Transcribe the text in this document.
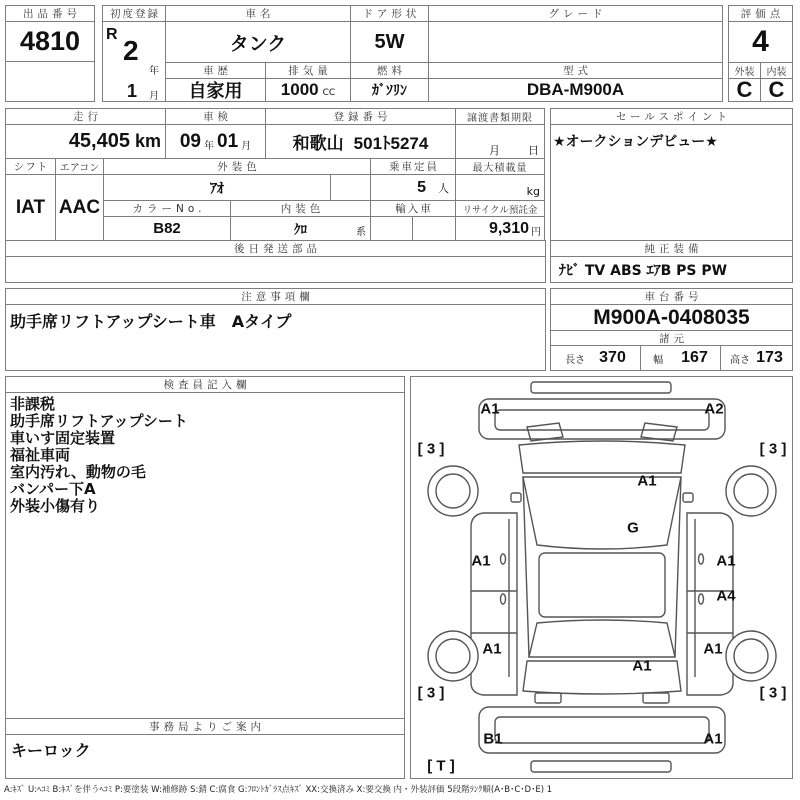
出品番号
4810
初度登録
R
2
年
1 月
車名
タンク
ドア形状
5W
グレード
車歴	排気量	燃料	型式
自家用	1000 CC	ｶﾞｿﾘﾝ	DBA-M900A
評価点
4
外装	内装
C C
走行	車検	登録番号	譲渡書類期限
45,405 km 09 年 01 月 和歌山 501ﾄ5274	月	日
シフト	エアコン	外装色	乗車定員	最大積載量
IAT AAC
ｱｵ	5 人	kg
カラーNo.	内装色	輸入車	リサイクル預託金
B82	ｸﾛ	系	9,310 円
後日発送部品
セールスポイント
★オークションデビュー★
純正装備
ﾅﾋﾞ TV ABS ｴｱB PS PW
注意事項欄
助手席リフトアップシート車　Aタイプ
車台番号
M900A-0408035
諸元
長さ 370	幅 167 高さ 173
検査員記入欄
非課税
助手席リフトアップシート
車いす固定装置
福祉車両
室内汚れ、動物の毛
バンパー下A
外装小傷有り
事務局よりご案内
キーロック
A1	A2
[ 3 ]	[ 3 ]
A1
G
A1	A1
A4
A1	A1
A1
[ 3 ]	[ 3 ]
B1	A1
[ T ]
A:ｷｽﾞ U:ﾍｺﾐ B:ｷｽﾞを伴うﾍｺﾐ P:要塗装 W:補修跡 S:錆 C:腐食 G:ﾌﾛﾝﾄｶﾞﾗｽ点ｷｽﾞ XX:交換済み X:要交換 内・外装評価 5段階ﾗﾝｸ順(A･B･C･D･E) 1
